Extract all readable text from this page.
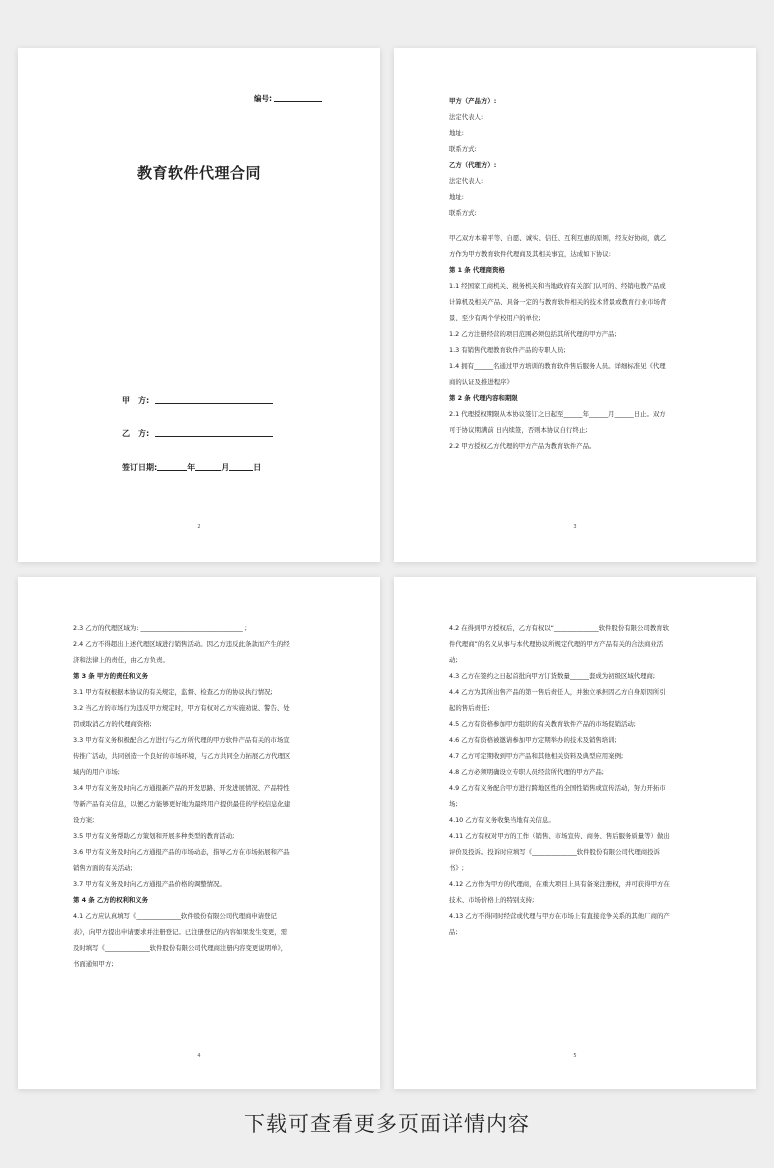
编号:
教育软件代理合同
甲　方:
乙　方:
签订日期:	年	月	日
2
甲方（产品方）:
法定代表人:
地址:
联系方式:
乙方（代理方）:
法定代表人:
地址:
联系方式:
甲乙双方本着平等、自愿、诚实、信任、互利互惠的原则，经友好协商，就乙
方作为甲方教育软件代理商及其相关事宜，达成如下协议:
第 1 条 代理商资格
1.1 经国家工商机关、税务机关和当地政府有关部门认可的、经销电教产品或
计算机及相关产品、具备一定的与教育软件相关的技术背景或教育行业市场背
景、至少有两个学校用户的单位;
1.2 乙方注册经营的项目范围必须包括其所代理的甲方产品;
1.3 有销售代理教育软件产品的专职人员;
1.4 拥有______名通过甲方培训的教育软件售后服务人员。详细标准见《代理
商的认证及推进程序》
第 2 条 代理内容和期限
2.1 代理授权期限从本协议签订之日起至______年______月______日止。双方
可于协议期满前 日内续签，否则本协议自行终止;
2.2 甲方授权乙方代理的甲方产品为教育软件产品。
3
2.3 乙方的代理区域为: ________________________________ ;
2.4 乙方不得超出上述代理区域进行销售活动。因乙方违反此条款而产生的经
济和法律上的责任，由乙方负责。
第 3 条 甲方的责任和义务
3.1 甲方有权根据本协议的有关规定，监督、检查乙方的协议执行情况;
3.2 当乙方的市场行为违反甲方规定时，甲方有权对乙方实施劝说、警告、处
罚或取消乙方的代理商资格;
3.3 甲方有义务积极配合乙方进行与乙方所代理的甲方软件产品有关的市场宣
传推广活动，共同创造一个良好的市场环境，与乙方共同全力拓展乙方代理区
域内的用户市场;
3.4 甲方有义务及时向乙方通报新产品的开发思路、开发进展情况、产品特性
等新产品有关信息，以便乙方能够更好地为最终用户提供最佳的学校信息化建
设方案;
3.5 甲方有义务帮助乙方策划和开展多种类型的教育活动;
3.6 甲方有义务及时向乙方通报产品的市场动态，指导乙方在市场拓展和产品
销售方面的有关活动;
3.7 甲方有义务及时向乙方通报产品价格的调整情况。
第 4 条 乙方的权利和义务
4.1 乙方应认真填写《______________软件股份有限公司代理商申请登记
表》，向甲方提出申请要求并注册登记。已注册登记的内容如果发生变更，需
及时填写《______________软件股份有限公司代理商注册内容变更说明单》，
书面通知甲方;
4
4.2 在得到甲方授权后，乙方有权以“______________软件股份有限公司教育软
件代理商”的名义从事与本代理协议所规定代理的甲方产品有关的合法商业活
动;
4.3 乙方在签约之日起首批向甲方订货数量______套成为初级区域代理商;
4.4 乙方为其所出售产品的第一售后责任人，并独立承担因乙方自身原因所引
起的售后责任;
4.5 乙方有资格参加甲方组织的有关教育软件产品的市场促销活动;
4.6 乙方有资格被邀请参加甲方定期举办的技术及销售培训;
4.7 乙方可定期收到甲方产品和其他相关资料及典型应用案例;
4.8 乙方必须明确设立专职人员经营所代理的甲方产品;
4.9 乙方有义务配合甲方进行跨地区性的全国性销售或宣传活动，努力开拓市
场;
4.10 乙方有义务收集当地有关信息。
4.11 乙方有权对甲方的工作（销售、市场宣传、商务、售后服务质量等）做出
评价及投诉。投诉时应填写《______________软件股份有限公司代理商投诉
书》;
4.12 乙方作为甲方的代理商，在重大项目上具有备案注册权，并可获得甲方在
技术、市场价格上的特别支持;
4.13 乙方不得同时经营或代理与甲方在市场上有直接竞争关系的其他厂商的产
品;
5
下载可查看更多页面详情内容
